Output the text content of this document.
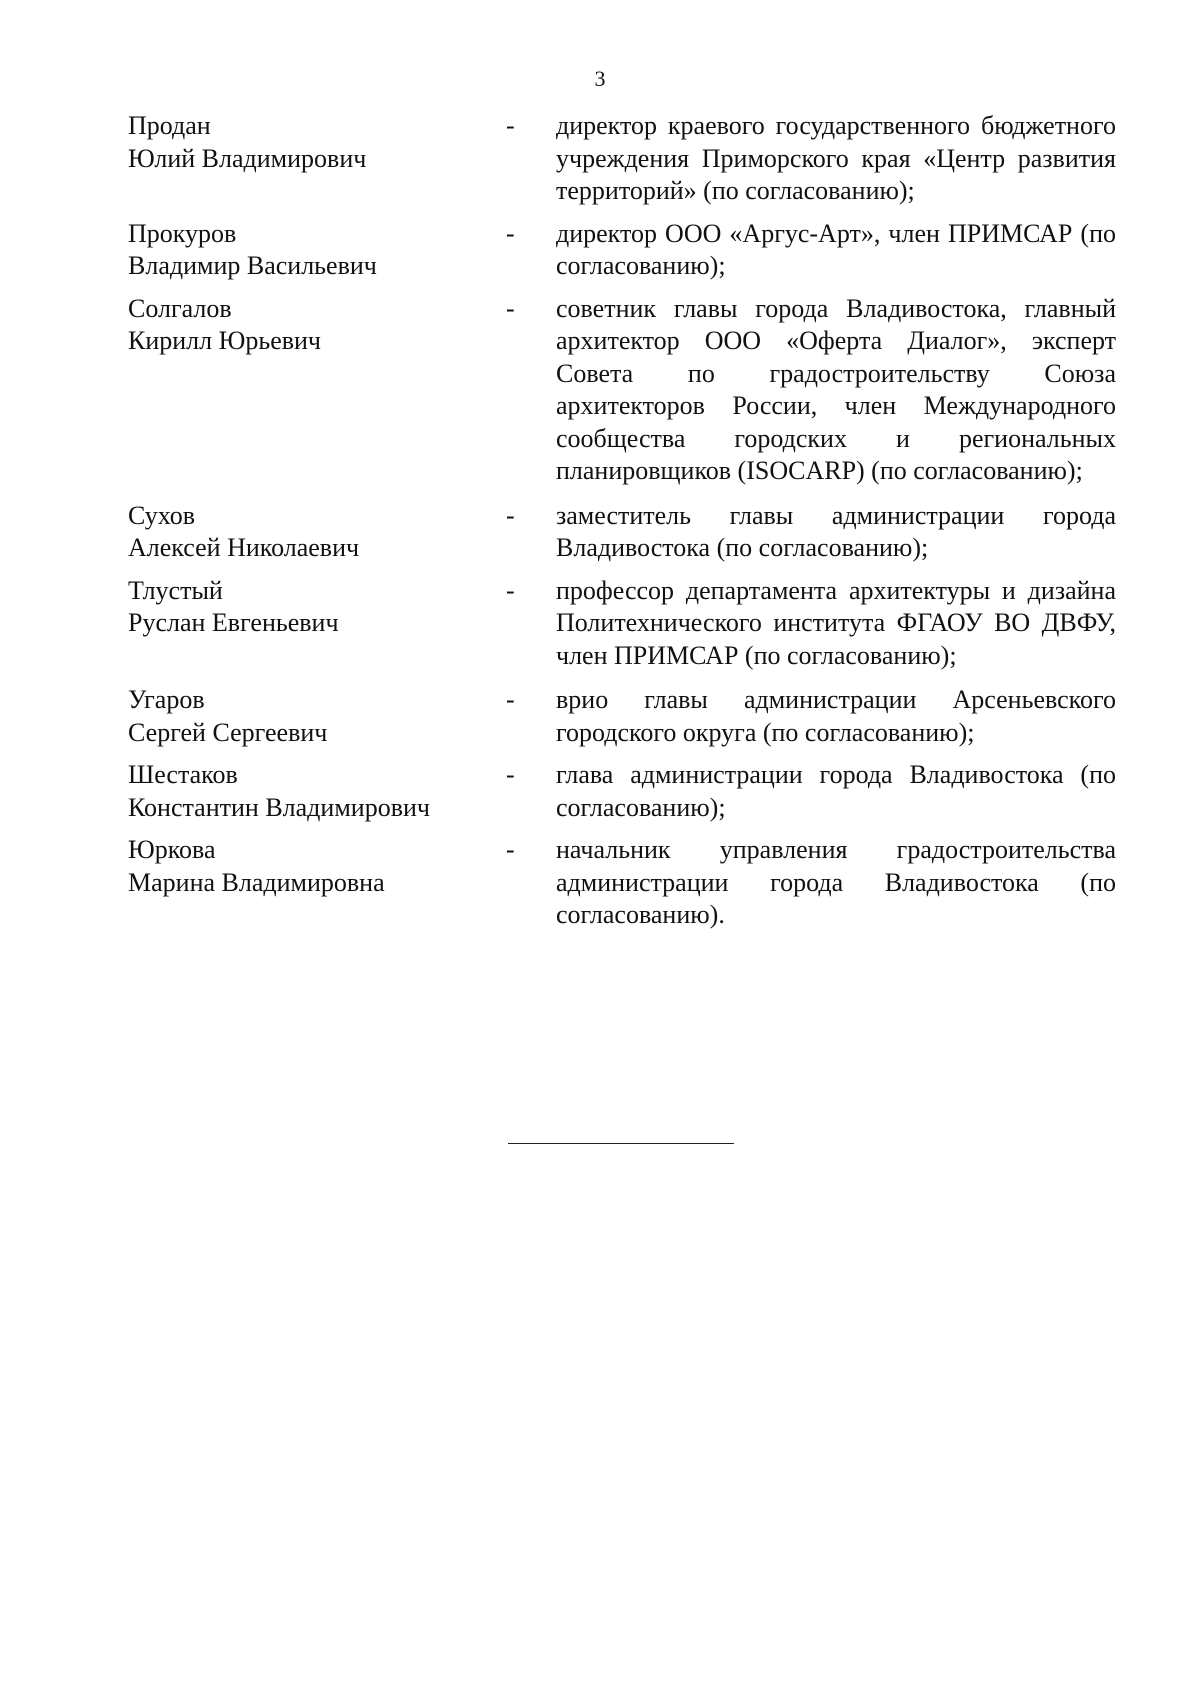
3
Продан
Юлий Владимирович
-	директор краевого государственного бюджетного учреждения Приморского края «Центр развития территорий» (по согласованию);
Прокуров
Владимир Васильевич
-	директор ООО «Аргус-Арт», член ПРИМСАР (по согласованию);
Солгалов
Кирилл Юрьевич
-	советник главы города Владивостока, главный архитектор ООО «Оферта Диалог», эксперт Совета по градостроительству Союза архитекторов России, член Международного сообщества городских и региональных планировщиков (ISOCARP) (по согласованию);
Сухов
Алексей Николаевич
-	заместитель главы администрации города Владивостока (по согласованию);
Тлустый
Руслан Евгеньевич
-	профессор департамента архитектуры и дизайна Политехнического института ФГАОУ ВО ДВФУ, член ПРИМСАР (по согласованию);
Угаров
Сергей Сергеевич
-	врио главы администрации Арсеньевского городского округа (по согласованию);
Шестаков
Константин Владимирович
-	глава администрации города Владивостока (по согласованию);
Юркова
Марина Владимировна
-	начальник управления градостроительства администрации города Владивостока (по согласованию).
